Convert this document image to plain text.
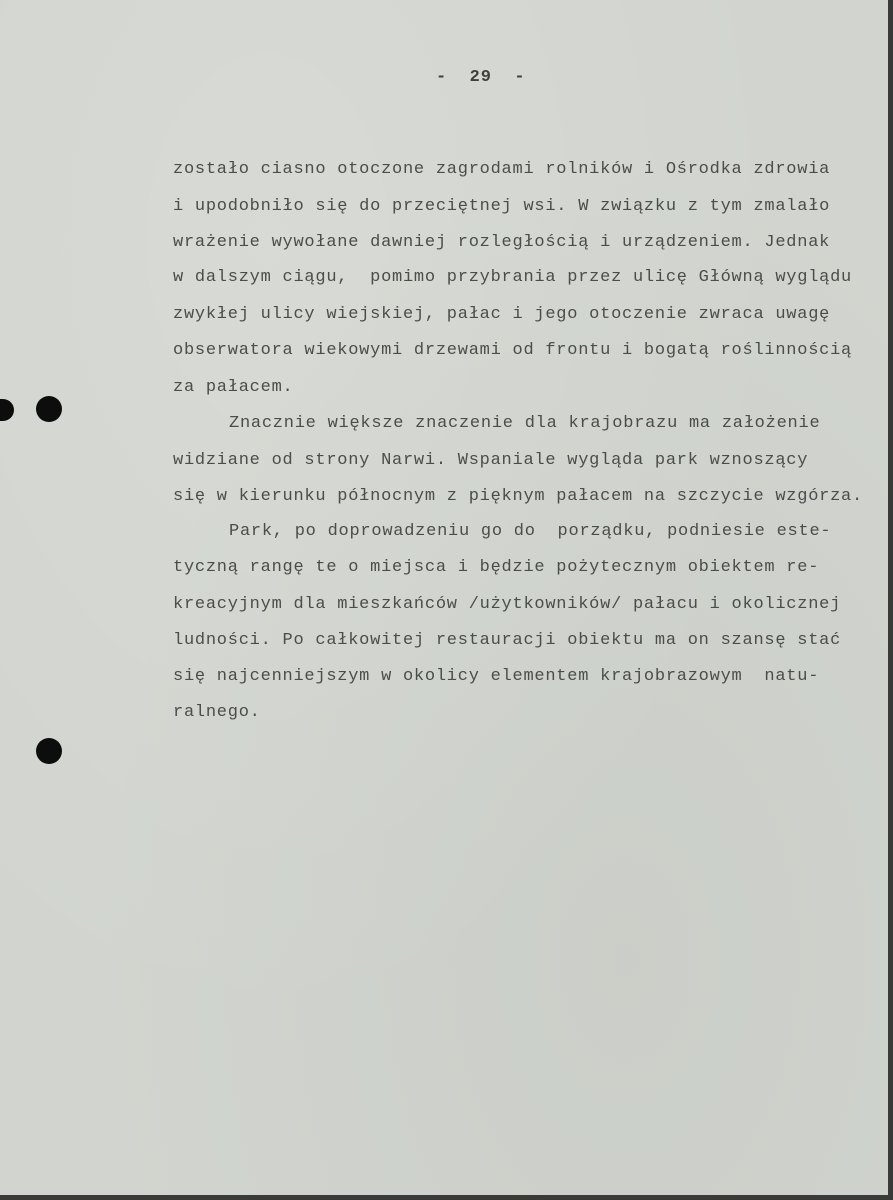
-  29  -
zostało ciasno otoczone zagrodami rolników i Ośrodka zdrowia
i upodobniło się do przeciętnej wsi. W związku z tym zmalało
wrażenie wywołane dawniej rozległością i urządzeniem. Jednak
w dalszym ciągu,  pomimo przybrania przez ulicę Główną wyglądu
zwykłej ulicy wiejskiej, pałac i jego otoczenie zwraca uwagę
obserwatora wiekowymi drzewami od frontu i bogatą roślinnością
za pałacem.
Znacznie większe znaczenie dla krajobrazu ma założenie
widziane od strony Narwi. Wspaniale wygląda park wznoszący
się w kierunku północnym z pięknym pałacem na szczycie wzgórza.
Park, po doprowadzeniu go do  porządku, podniesie este-
tyczną rangę te o miejsca i będzie pożytecznym obiektem re-
kreacyjnym dla mieszkańców /użytkowników/ pałacu i okolicznej
ludności. Po całkowitej restauracji obiektu ma on szansę stać
się najcenniejszym w okolicy elementem krajobrazowym  natu-
ralnego.
